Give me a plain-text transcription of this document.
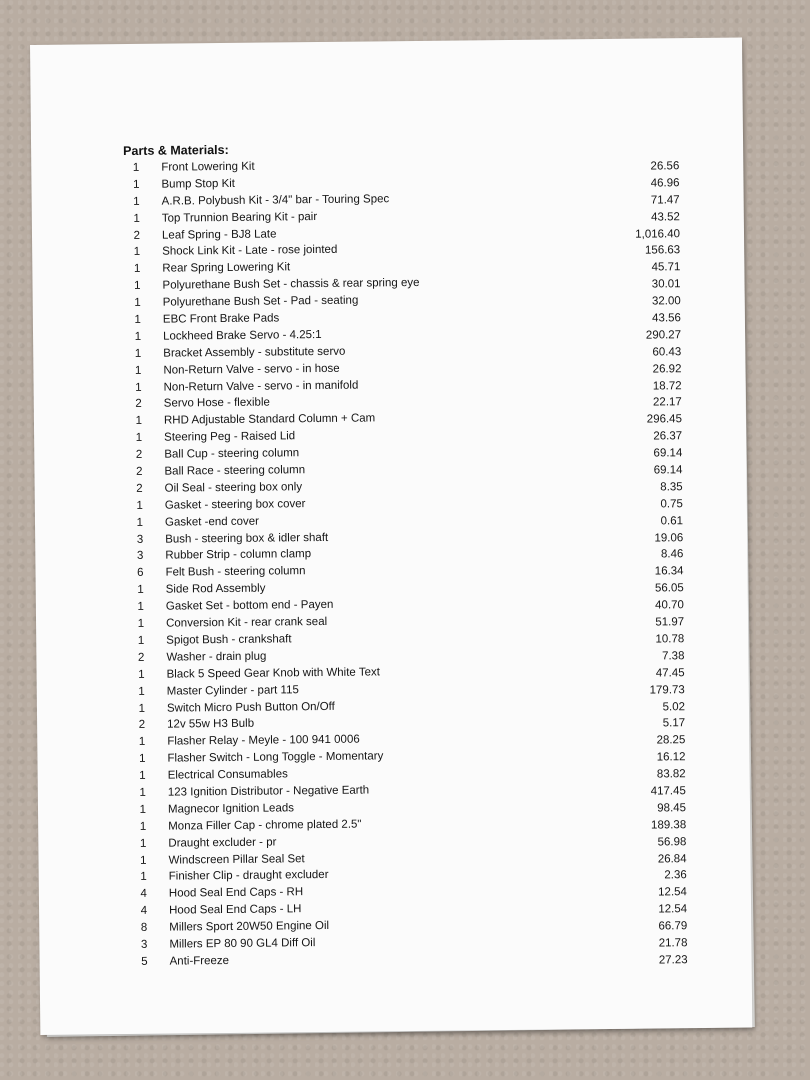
Parts & Materials:
1 Front Lowering Kit	26.56
1 Bump Stop Kit	46.96
1 A.R.B. Polybush Kit - 3/4" bar - Touring Spec	71.47
1 Top Trunnion Bearing Kit - pair	43.52
2 Leaf Spring - BJ8 Late	1,016.40
1 Shock Link Kit - Late - rose jointed	156.63
1 Rear Spring Lowering Kit	45.71
1 Polyurethane Bush Set - chassis & rear spring eye	30.01
1 Polyurethane Bush Set - Pad - seating	32.00
1 EBC Front Brake Pads	43.56
1 Lockheed Brake Servo - 4.25:1	290.27
1 Bracket Assembly - substitute servo	60.43
1 Non-Return Valve - servo - in hose	26.92
1 Non-Return Valve - servo - in manifold	18.72
2 Servo Hose - flexible	22.17
1 RHD Adjustable Standard Column + Cam	296.45
1 Steering Peg - Raised Lid	26.37
2 Ball Cup - steering column	69.14
2 Ball Race - steering column	69.14
2 Oil Seal - steering box only	8.35
1 Gasket - steering box cover	0.75
1 Gasket -end cover	0.61
3 Bush - steering box & idler shaft	19.06
3 Rubber Strip - column clamp	8.46
6 Felt Bush - steering column	16.34
1 Side Rod Assembly	56.05
1 Gasket Set - bottom end - Payen	40.70
1 Conversion Kit - rear crank seal	51.97
1 Spigot Bush - crankshaft	10.78
2 Washer - drain plug	7.38
1 Black 5 Speed Gear Knob with White Text	47.45
1 Master Cylinder - part 115	179.73
1 Switch Micro Push Button On/Off	5.02
2 12v 55w H3 Bulb	5.17
1 Flasher Relay - Meyle - 100 941 0006	28.25
1 Flasher Switch - Long Toggle - Momentary	16.12
1 Electrical Consumables	83.82
1 123 Ignition Distributor - Negative Earth	417.45
1 Magnecor Ignition Leads	98.45
1 Monza Filler Cap - chrome plated 2.5"	189.38
1 Draught excluder - pr	56.98
1 Windscreen Pillar Seal Set	26.84
1 Finisher Clip - draught excluder	2.36
4 Hood Seal End Caps - RH	12.54
4 Hood Seal End Caps - LH	12.54
8 Millers Sport 20W50 Engine Oil	66.79
3 Millers EP 80 90 GL4 Diff Oil	21.78
5 Anti-Freeze	27.23
